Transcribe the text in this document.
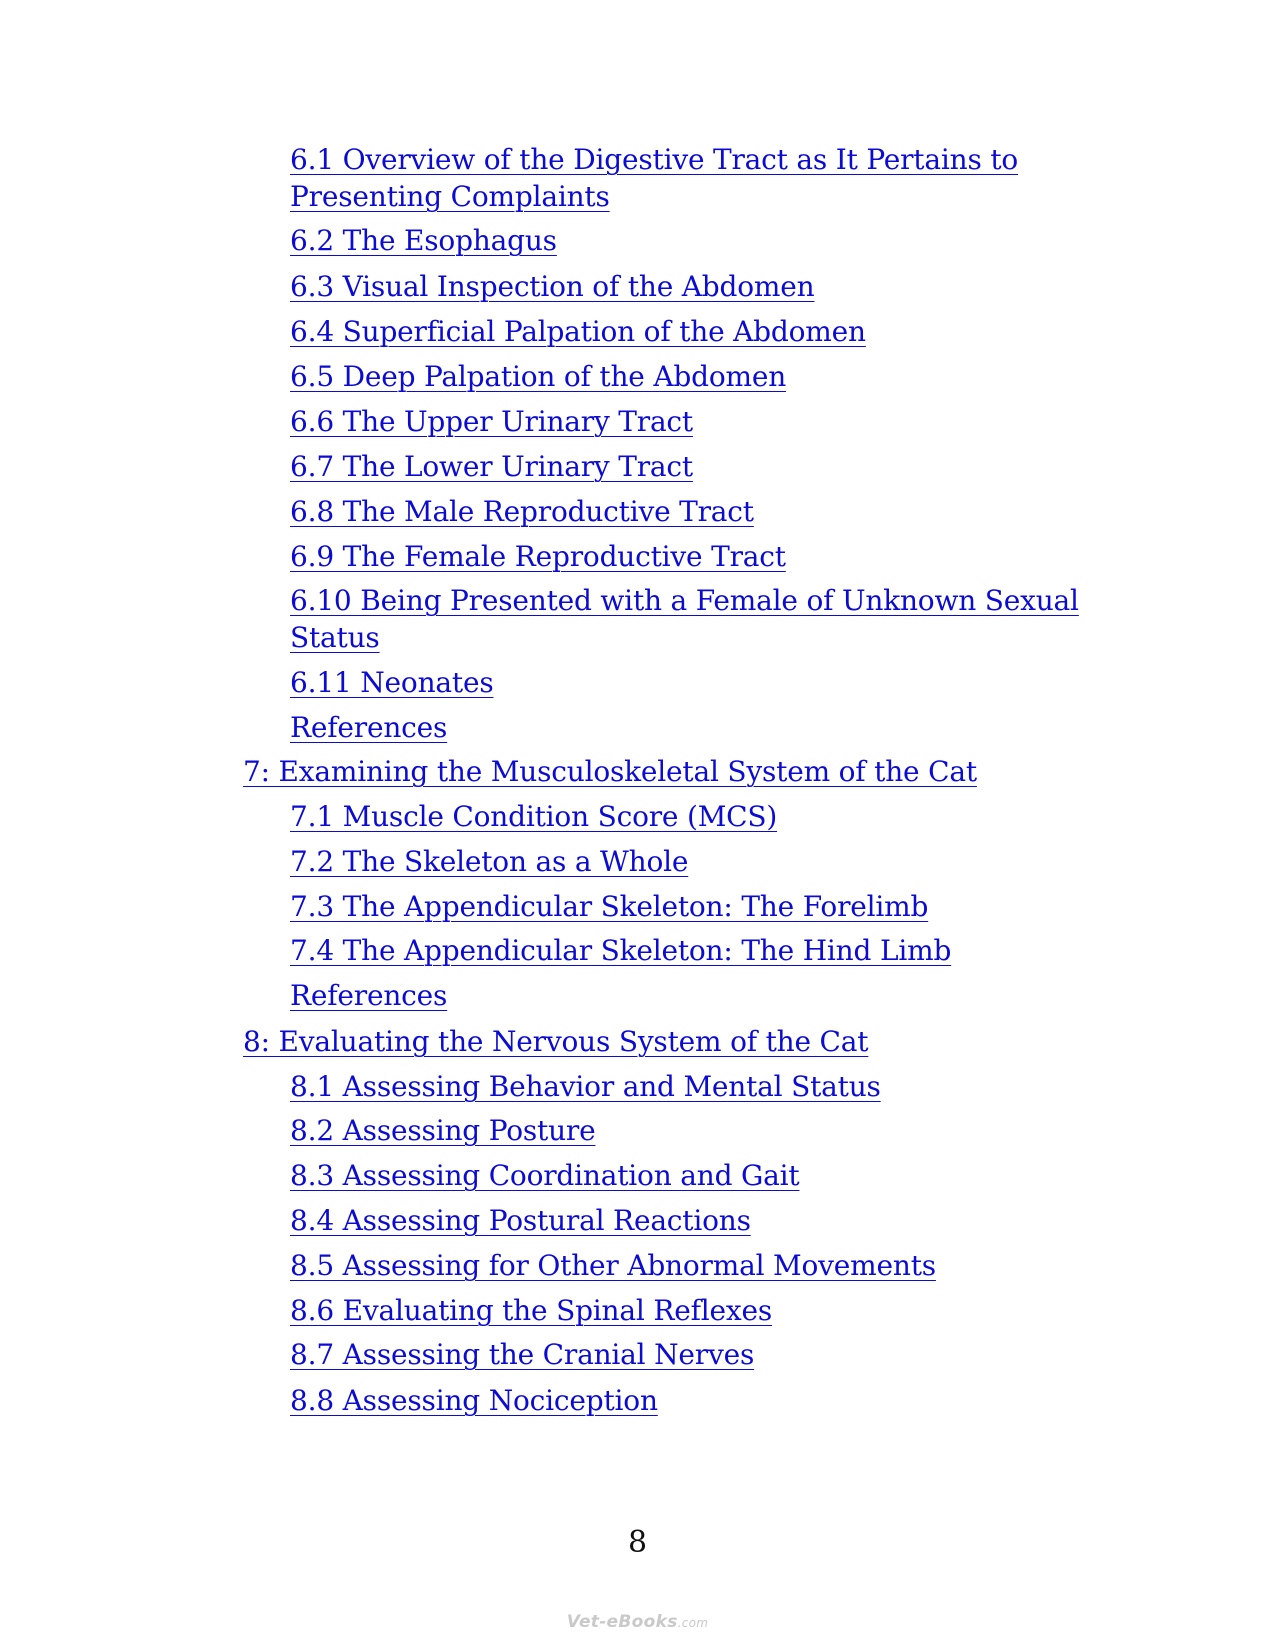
6.1 Overview of the Digestive Tract as It Pertains to Presenting Complaints
6.2 The Esophagus
6.3 Visual Inspection of the Abdomen
6.4 Superficial Palpation of the Abdomen
6.5 Deep Palpation of the Abdomen
6.6 The Upper Urinary Tract
6.7 The Lower Urinary Tract
6.8 The Male Reproductive Tract
6.9 The Female Reproductive Tract
6.10 Being Presented with a Female of Unknown Sexual Status
6.11 Neonates
References
7: Examining the Musculoskeletal System of the Cat
7.1 Muscle Condition Score (MCS)
7.2 The Skeleton as a Whole
7.3 The Appendicular Skeleton: The Forelimb
7.4 The Appendicular Skeleton: The Hind Limb
References
8: Evaluating the Nervous System of the Cat
8.1 Assessing Behavior and Mental Status
8.2 Assessing Posture
8.3 Assessing Coordination and Gait
8.4 Assessing Postural Reactions
8.5 Assessing for Other Abnormal Movements
8.6 Evaluating the Spinal Reflexes
8.7 Assessing the Cranial Nerves
8.8 Assessing Nociception
8
Vet-eBooks.com
